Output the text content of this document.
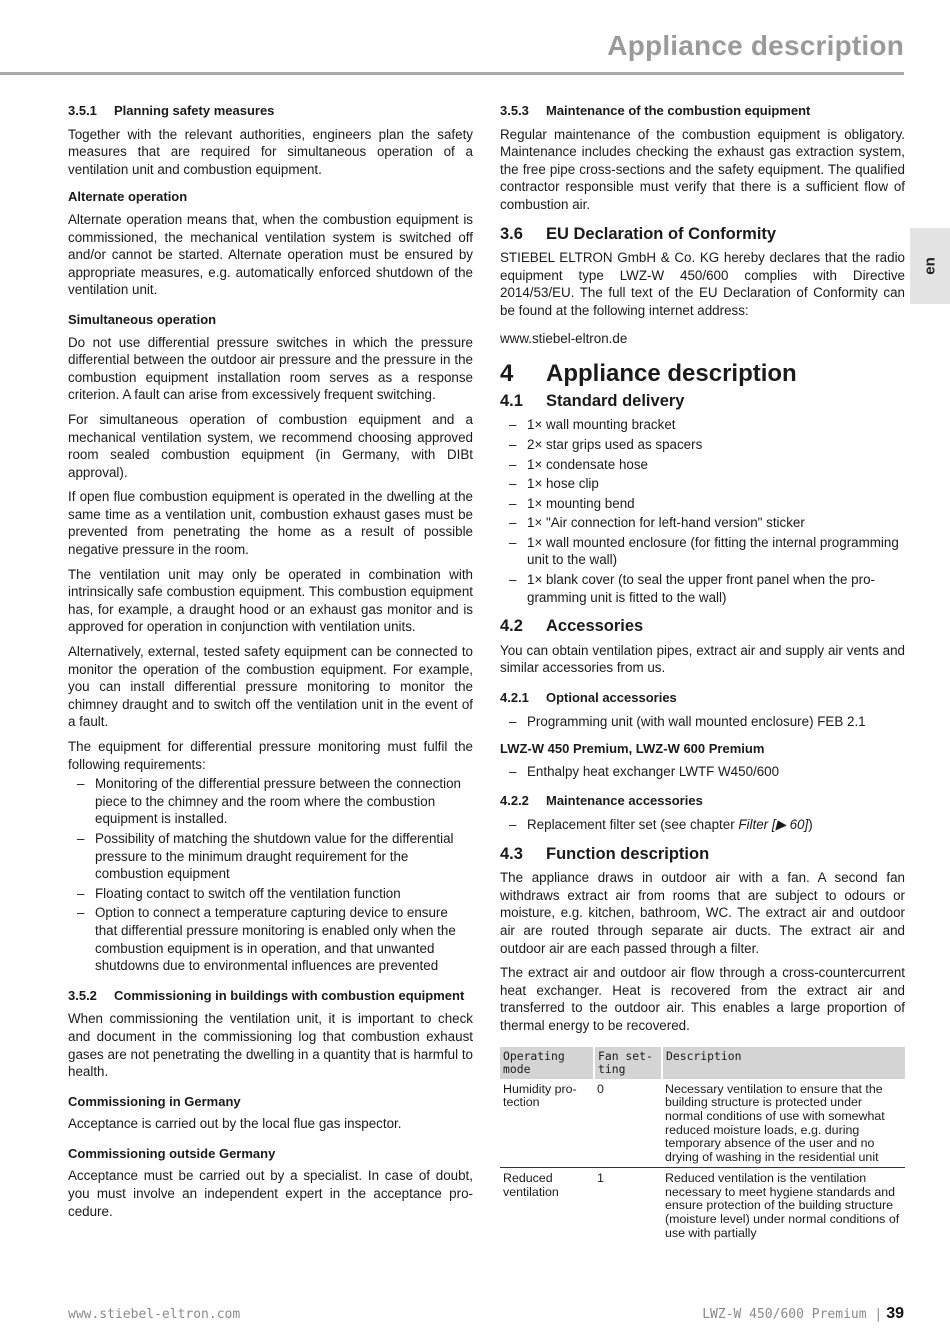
Appliance description
en
3.5.1 Planning safety measures

Together with the relevant authorities, engineers plan the safety measures that are required for simultaneous operation of a ventilation unit and combustion equipment.

Alternate operation

Alternate operation means that, when the combustion equipment is commissioned, the mechanical ventilation system is switched off and/or cannot be started. Alternate operation must be ensured by appropriate measures, e.g. automatically enforced shutdown of the ventilation unit.

Simultaneous operation

Do not use differential pressure switches in which the pressure differential between the outdoor air pressure and the pressure in the combustion equipment installation room serves as a response criterion. A fault can arise from excessively frequent switching.

For simultaneous operation of combustion equipment and a mechanical ventilation system, we recommend choosing approved room sealed combustion equipment (in Germany, with DIBt approval).

If open flue combustion equipment is operated in the dwelling at the same time as a ventilation unit, combustion exhaust gases must be prevented from penetrating the home as a result of possible negative pressure in the room.

The ventilation unit may only be operated in combination with intrinsically safe combustion equipment. This combustion equipment has, for example, a draught hood or an exhaust gas monitor and is approved for operation in conjunction with ventilation units.

Alternatively, external, tested safety equipment can be connected to monitor the operation of the combustion equipment. For example, you can install differential pressure monitoring to monitor the chimney draught and to switch off the ventilation unit in the event of a fault.

The equipment for differential pressure monitoring must fulfil the following requirements:

– Monitoring of the differential pressure between the connection piece to the chimney and the room where the combustion equipment is installed.
– Possibility of matching the shutdown value for the differential pressure to the minimum draught requirement for the combustion equipment
– Floating contact to switch off the ventilation function
– Option to connect a temperature capturing device to ensure that differential pressure monitoring is enabled only when the combustion equipment is in operation, and that unwanted shutdowns due to environmental influences are prevented
3.5.2 Commissioning in buildings with combustion equipment

When commissioning the ventilation unit, it is important to check and document in the commissioning log that combustion exhaust gases are not penetrating the dwelling in a quantity that is harmful to health.

Commissioning in Germany

Acceptance is carried out by the local flue gas inspector.

Commissioning outside Germany

Acceptance must be carried out by a specialist. In case of doubt, you must involve an independent expert in the acceptance procedure.

3.5.3 Maintenance of the combustion equipment

Regular maintenance of the combustion equipment is obligatory. Maintenance includes checking the exhaust gas extraction system, the free pipe cross-sections and the safety equipment. The qualified contractor responsible must verify that there is a sufficient flow of combustion air.

3.6 EU Declaration of Conformity

STIEBEL ELTRON GmbH & Co. KG hereby declares that the radio equipment type LWZ-W 450/600 complies with Directive 2014/53/EU. The full text of the EU Declaration of Conformity can be found at the following internet address:

www.stiebel-eltron.de

4 Appliance description
4.1 Standard delivery
– 1× wall mounting bracket
– 2× star grips used as spacers
– 1× condensate hose
– 1× hose clip
– 1× mounting bend
– 1× "Air connection for left-hand version" sticker
– 1× wall mounted enclosure (for fitting the internal programming unit to the wall)
– 1× blank cover (to seal the upper front panel when the programming unit is fitted to the wall)
4.2 Accessories

You can obtain ventilation pipes, extract air and supply air vents and similar accessories from us.

4.2.1 Optional accessories
– Programming unit (with wall mounted enclosure) FEB 2.1
LWZ-W 450 Premium, LWZ-W 600 Premium
– Enthalpy heat exchanger LWTF W450/600
4.2.2 Maintenance accessories
– Replacement filter set (see chapter Filter [▶ 60])
4.3 Function description

The appliance draws in outdoor air with a fan. A second fan withdraws extract air from rooms that are subject to odours or moisture, e.g. kitchen, bathroom, WC. The extract air and outdoor air are routed through separate air ducts. The extract air and outdoor air are each passed through a filter.

The extract air and outdoor air flow through a cross-countercurrent heat exchanger. Heat is recovered from the extract air and transferred to the outdoor air. This enables a large proportion of thermal energy to be recovered.

Operating mode	Fan setting	Description
Humidity protection	0	Necessary ventilation to ensure that the building structure is protected under normal conditions of use with somewhat reduced moisture loads, e.g. during temporary absence of the user and no drying of washing in the residential unit
Reduced ventilation	1	Reduced ventilation is the ventilation necessary to meet hygiene standards and ensure protection of the building structure (moisture level) under normal conditions of use with partially
www.stiebel-eltron.com	LWZ-W 450/600 Premium | 39
